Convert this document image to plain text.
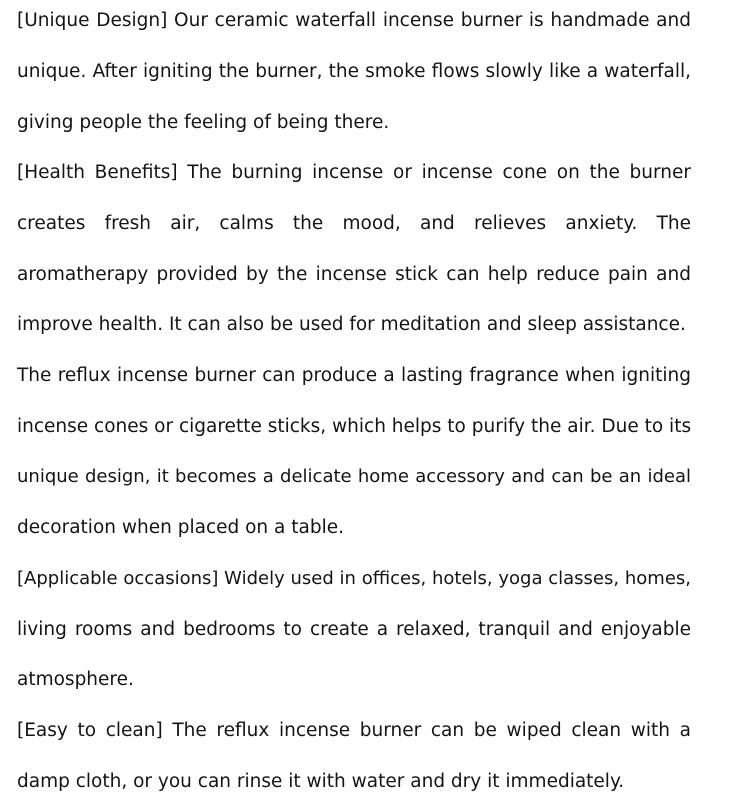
[Unique Design] Our ceramic waterfall incense burner is handmade and

unique. After igniting the burner, the smoke flows slowly like a waterfall,

giving people the feeling of being there.

[Health Benefits] The burning incense or incense cone on the burner

creates fresh air, calms the mood, and relieves anxiety. The

aromatherapy provided by the incense stick can help reduce pain and

improve health. It can also be used for meditation and sleep assistance.

The reflux incense burner can produce a lasting fragrance when igniting

incense cones or cigarette sticks, which helps to purify the air. Due to its

unique design, it becomes a delicate home accessory and can be an ideal

decoration when placed on a table.

[Applicable occasions] Widely used in offices, hotels, yoga classes, homes,

living rooms and bedrooms to create a relaxed, tranquil and enjoyable

atmosphere.

[Easy to clean] The reflux incense burner can be wiped clean with a

damp cloth, or you can rinse it with water and dry it immediately.
